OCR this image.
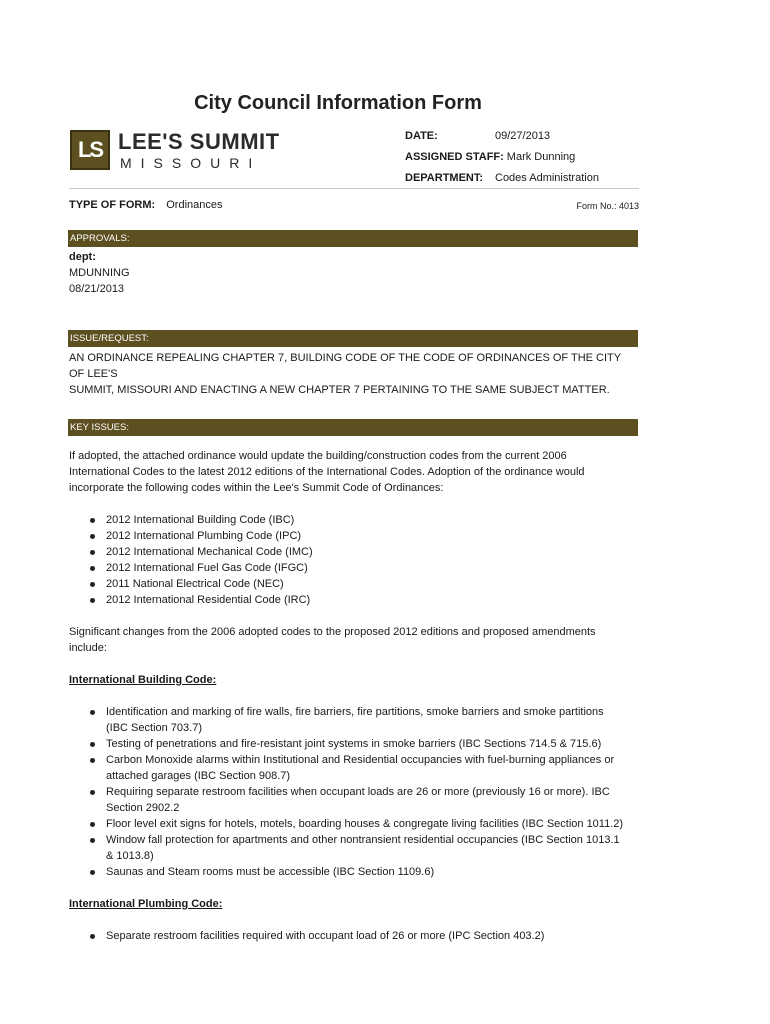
City Council Information Form
LS LEE'S SUMMIT
MISSOURI
DATE:	09/27/2013
ASSIGNED STAFF: Mark Dunning
DEPARTMENT:	Codes Administration
TYPE OF FORM: Ordinances	Form No.: 4013
APPROVALS:

dept:

MDUNNING

08/21/2013

ISSUE/REQUEST:

AN ORDINANCE REPEALING CHAPTER 7, BUILDING CODE OF THE CODE OF ORDINANCES OF THE CITY OF LEE'S

SUMMIT, MISSOURI AND ENACTING A NEW CHAPTER 7 PERTAINING TO THE SAME SUBJECT MATTER.

KEY ISSUES:

If adopted, the attached ordinance would update the building/construction codes from the current 2006

International Codes to the latest 2012 editions of the International Codes. Adoption of the ordinance would

incorporate the following codes within the Lee's Summit Code of Ordinances:

2012 International Building Code (IBC)
2012 International Plumbing Code (IPC)
2012 International Mechanical Code (IMC)
2012 International Fuel Gas Code (IFGC)
2011 National Electrical Code (NEC)
2012 International Residential Code (IRC)

Significant changes from the 2006 adopted codes to the proposed 2012 editions and proposed amendments

include:

International Building Code:

Identification and marking of fire walls, fire barriers, fire partitions, smoke barriers and smoke partitions
(IBC Section 703.7)
Testing of penetrations and fire-resistant joint systems in smoke barriers (IBC Sections 714.5 & 715.6)
Carbon Monoxide alarms within Institutional and Residential occupancies with fuel-burning appliances or
attached garages (IBC Section 908.7)
Requiring separate restroom facilities when occupant loads are 26 or more (previously 16 or more). IBC
Section 2902.2
Floor level exit signs for hotels, motels, boarding houses & congregate living facilities (IBC Section 1011.2)
Window fall protection for apartments and other nontransient residential occupancies (IBC Section 1013.1
& 1013.8)
Saunas and Steam rooms must be accessible (IBC Section 1109.6)

International Plumbing Code:

Separate restroom facilities required with occupant load of 26 or more (IPC Section 403.2)
